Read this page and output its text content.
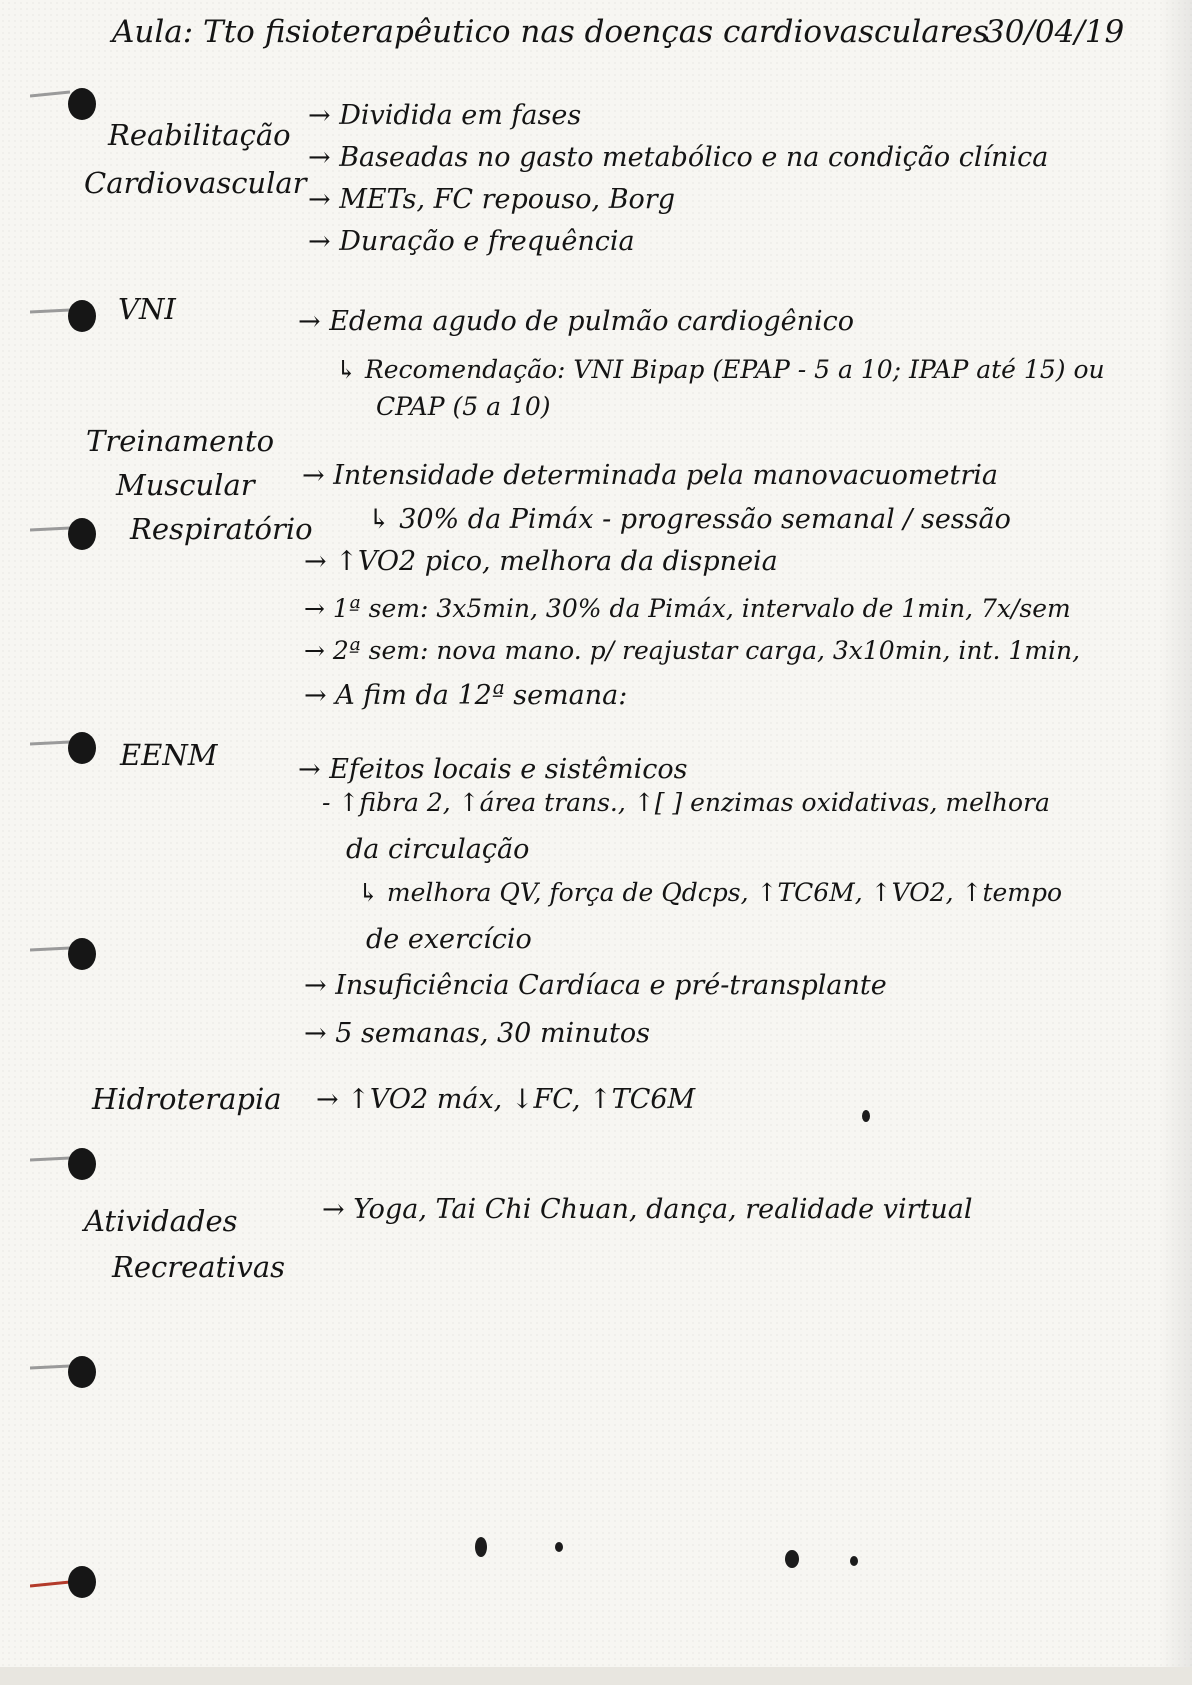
Aula: Tto fisioterapêutico nas doenças cardiovasculares
30/04/19
Reabilitação
Cardiovascular
→ Dividida em fases
→ Baseadas no gasto metabólico e na condição clínica
→ METs, FC repouso, Borg
→ Duração e frequência
VNI	→ Edema agudo de pulmão cardiogênico
↳ Recomendação: VNI Bipap (EPAP - 5 a 10; IPAP até 15) ou
CPAP (5 a 10)
Treinamento
Muscular
Respiratório
→ Intensidade determinada pela manovacuometria
↳ 30% da Pimáx - progressão semanal / sessão
→ ↑VO2 pico, melhora da dispneia
→ 1ª sem: 3x5min, 30% da Pimáx, intervalo de 1min, 7x/sem
→ 2ª sem: nova mano. p/ reajustar carga, 3x10min, int. 1min,
→ A fim da 12ª semana:
EENM	→ Efeitos locais e sistêmicos
- ↑fibra 2, ↑área trans., ↑[ ] enzimas oxidativas, melhora
da circulação
↳ melhora QV, força de Qdcps, ↑TC6M, ↑VO2, ↑tempo
de exercício
→ Insuficiência Cardíaca e pré-transplante
→ 5 semanas, 30 minutos
Hidroterapia → ↑VO2 máx, ↓FC, ↑TC6M
Atividades
Recreativas
→ Yoga, Tai Chi Chuan, dança, realidade virtual
